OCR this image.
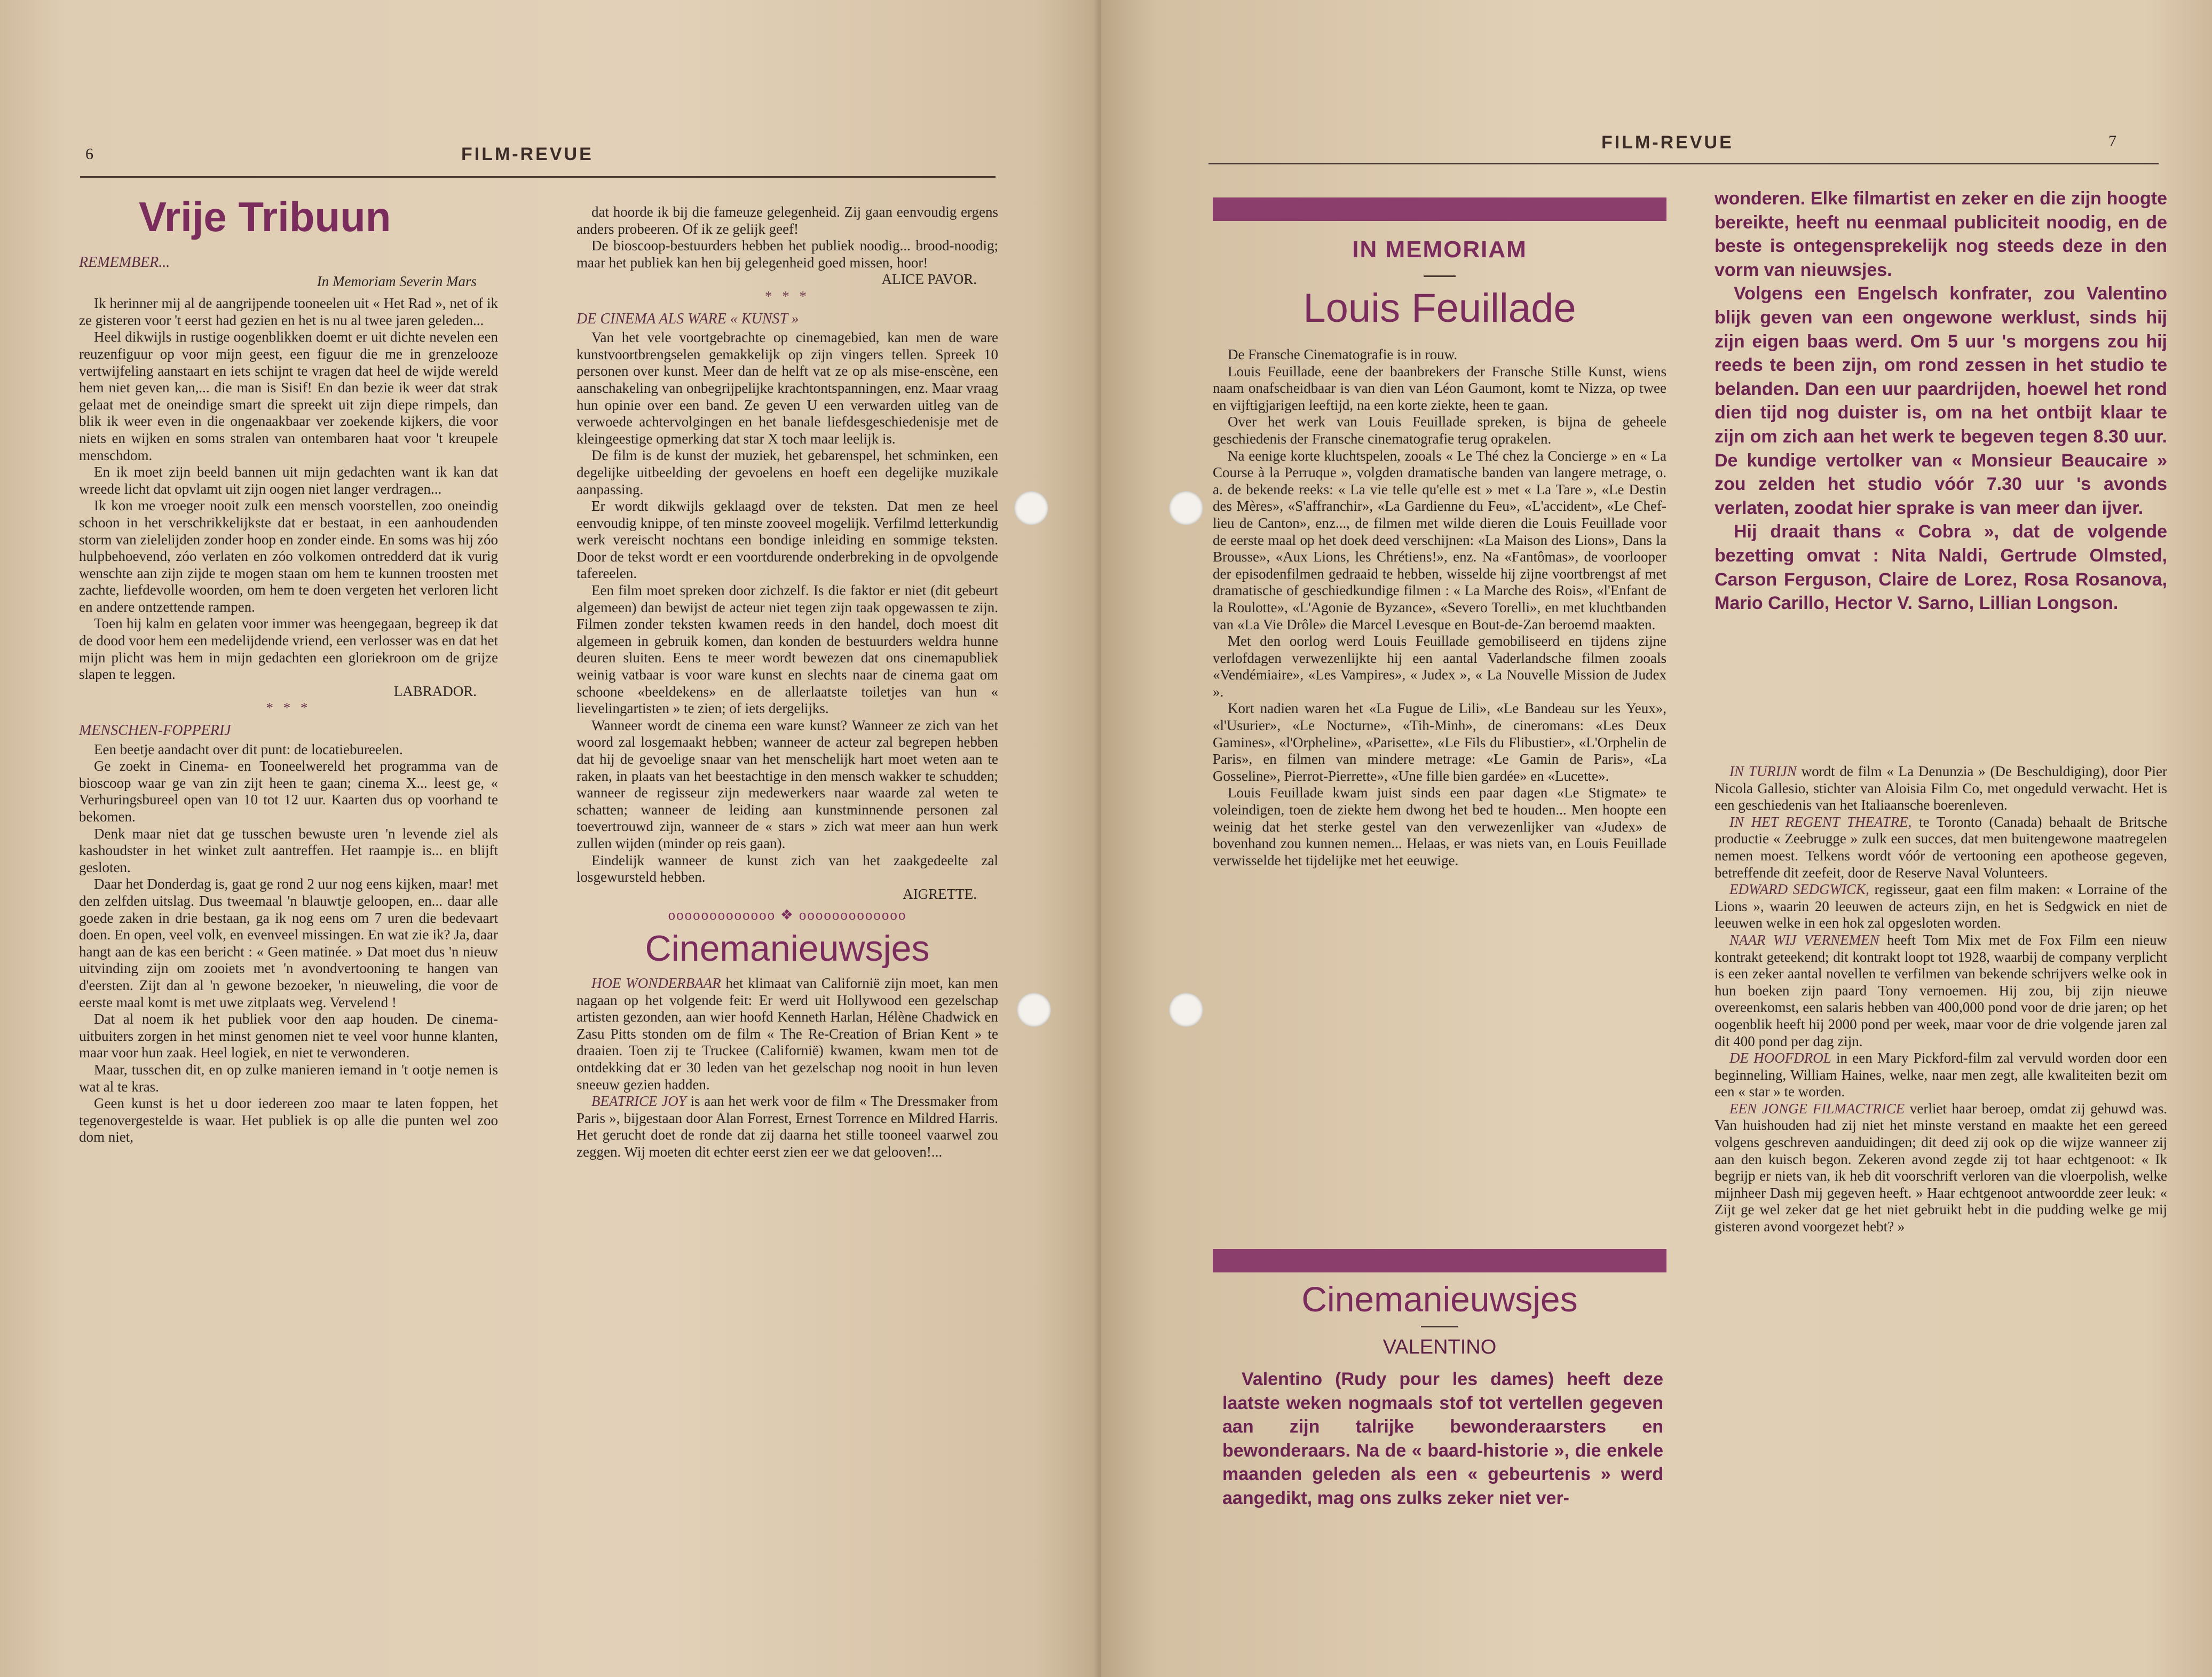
6	FILM-REVUE
Vrije Tribuun

REMEMBER...

In Memoriam Severin Mars

Ik herinner mij al de aangrijpende tooneelen uit « Het Rad », net of ik ze gisteren voor 't eerst had gezien en het is nu al twee jaren geleden...

Heel dikwijls in rustige oogenblikken doemt er uit dichte nevelen een reuzenfiguur op voor mijn geest, een figuur die me in grenzelooze vertwijfeling aanstaart en iets schijnt te vragen dat heel de wijde wereld hem niet geven kan,... die man is Sisif! En dan bezie ik weer dat strak gelaat met de oneindige smart die spreekt uit zijn diepe rimpels, dan blik ik weer even in die ongenaakbaar ver zoekende kijkers, die voor niets en wijken en soms stralen van ontembaren haat voor 't kreupele menschdom.

En ik moet zijn beeld bannen uit mijn gedachten want ik kan dat wreede licht dat opvlamt uit zijn oogen niet langer verdragen...

Ik kon me vroeger nooit zulk een mensch voorstellen, zoo oneindig schoon in het verschrikkelijkste dat er bestaat, in een aanhoudenden storm van zielelijden zonder hoop en zonder einde. En soms was hij zóo hulpbehoevend, zóo verlaten en zóo volkomen ontredderd dat ik vurig wenschte aan zijn zijde te mogen staan om hem te kunnen troosten met zachte, liefdevolle woorden, om hem te doen vergeten het verloren licht en andere ontzettende rampen.

Toen hij kalm en gelaten voor immer was heengegaan, begreep ik dat de dood voor hem een medelijdende vriend, een verlosser was en dat het mijn plicht was hem in mijn gedachten een gloriekroon om de grijze slapen te leggen.

LABRADOR.

* * *

MENSCHEN-FOPPERIJ

Een beetje aandacht over dit punt: de locatiebureelen.

Ge zoekt in Cinema- en Tooneelwereld het programma van de bioscoop waar ge van zin zijt heen te gaan; cinema X... leest ge, « Verhuringsbureel open van 10 tot 12 uur. Kaarten dus op voorhand te bekomen.

Denk maar niet dat ge tusschen bewuste uren 'n levende ziel als kashoudster in het winket zult aantreffen. Het raampje is... en blijft gesloten.

Daar het Donderdag is, gaat ge rond 2 uur nog eens kijken, maar! met den zelfden uitslag. Dus tweemaal 'n blauwtje geloopen, en... daar alle goede zaken in drie bestaan, ga ik nog eens om 7 uren die bedevaart doen. En open, veel volk, en evenveel missingen. En wat zie ik? Ja, daar hangt aan de kas een bericht : « Geen matinée. » Dat moet dus 'n nieuw uitvinding zijn om zooiets met 'n avondvertooning te hangen van d'eersten. Zijt dan al 'n gewone bezoeker, 'n nieuweling, die voor de eerste maal komt is met uwe zitplaats weg. Vervelend !

Dat al noem ik het publiek voor den aap houden. De cinema-uitbuiters zorgen in het minst genomen niet te veel voor hunne klanten, maar voor hun zaak. Heel logiek, en niet te verwonderen.

Maar, tusschen dit, en op zulke manieren iemand in 't ootje nemen is wat al te kras.

Geen kunst is het u door iedereen zoo maar te laten foppen, het tegenovergestelde is waar. Het publiek is op alle die punten wel zoo dom niet,

dat hoorde ik bij die fameuze gelegenheid. Zij gaan eenvoudig ergens anders probeeren. Of ik ze gelijk geef!

De bioscoop-bestuurders hebben het publiek noodig... brood-noodig; maar het publiek kan hen bij gelegenheid goed missen, hoor!

ALICE PAVOR.

* * *

DE CINEMA ALS WARE « KUNST »

Van het vele voortgebrachte op cinemagebied, kan men de ware kunstvoortbrengselen gemakkelijk op zijn vingers tellen. Spreek 10 personen over kunst. Meer dan de helft vat ze op als mise-enscène, een aanschakeling van onbegrijpelijke krachtontspanningen, enz. Maar vraag hun opinie over een band. Ze geven U een verwarden uitleg van de verwoede achtervolgingen en het banale liefdesgeschiedenisje met de kleingeestige opmerking dat star X toch maar leelijk is.

De film is de kunst der muziek, het gebarenspel, het schminken, een degelijke uitbeelding der gevoelens en hoeft een degelijke muzikale aanpassing.

Er wordt dikwijls geklaagd over de teksten. Dat men ze heel eenvoudig knippe, of ten minste zooveel mogelijk. Verfilmd letterkundig werk vereischt nochtans een bondige inleiding en sommige teksten. Door de tekst wordt er een voortdurende onderbreking in de opvolgende tafereelen.

Een film moet spreken door zichzelf. Is die faktor er niet (dit gebeurt algemeen) dan bewijst de acteur niet tegen zijn taak opgewassen te zijn. Filmen zonder teksten kwamen reeds in den handel, doch moest dit algemeen in gebruik komen, dan konden de bestuurders weldra hunne deuren sluiten. Eens te meer wordt bewezen dat ons cinemapubliek weinig vatbaar is voor ware kunst en slechts naar de cinema gaat om schoone «beeldekens» en de allerlaatste toiletjes van hun « lievelingartisten » te zien; of iets dergelijks.

Wanneer wordt de cinema een ware kunst? Wanneer ze zich van het woord zal losgemaakt hebben; wanneer de acteur zal begrepen hebben dat hij de gevoelige snaar van het menschelijk hart moet weten aan te raken, in plaats van het beestachtige in den mensch wakker te schudden; wanneer de regisseur zijn medewerkers naar waarde zal weten te schatten; wanneer de leiding aan kunstminnende personen zal toevertrouwd zijn, wanneer de « stars » zich wat meer aan hun werk zullen wijden (minder op reis gaan).

Eindelijk wanneer de kunst zich van het zaakgedeelte zal losgewursteld hebben.

AIGRETTE.

ooooooooooooo ❖ ooooooooooooo

Cinemanieuwsjes

HOE WONDERBAAR het klimaat van Californië zijn moet, kan men nagaan op het volgende feit: Er werd uit Hollywood een gezelschap artisten gezonden, aan wier hoofd Kenneth Harlan, Hélène Chadwick en Zasu Pitts stonden om de film « The Re-Creation of Brian Kent » te draaien. Toen zij te Truckee (Californië) kwamen, kwam men tot de ontdekking dat er 30 leden van het gezelschap nog nooit in hun leven sneeuw gezien hadden.

BEATRICE JOY is aan het werk voor de film « The Dressmaker from Paris », bijgestaan door Alan Forrest, Ernest Torrence en Mildred Harris. Het gerucht doet de ronde dat zij daarna het stille tooneel vaarwel zou zeggen. Wij moeten dit echter eerst zien eer we dat gelooven!...

FILM-REVUE	7
IN MEMORIAM
Louis Feuillade

De Fransche Cinematografie is in rouw.

Louis Feuillade, eene der baanbrekers der Fransche Stille Kunst, wiens naam onafscheidbaar is van dien van Léon Gaumont, komt te Nizza, op twee en vijftigjarigen leeftijd, na een korte ziekte, heen te gaan.

Over het werk van Louis Feuillade spreken, is bijna de geheele geschiedenis der Fransche cinematografie terug oprakelen.

Na eenige korte kluchtspelen, zooals « Le Thé chez la Concierge » en « La Course à la Perruque », volgden dramatische banden van langere metrage, o. a. de bekende reeks: « La vie telle qu'elle est » met « La Tare », «Le Destin des Mères», «S'affranchir», «La Gardienne du Feu», «L'accident», «Le Chef-lieu de Canton», enz..., de filmen met wilde dieren die Louis Feuillade voor de eerste maal op het doek deed verschijnen: «La Maison des Lions», Dans la Brousse», «Aux Lions, les Chrétiens!», enz. Na «Fantômas», de voorlooper der episodenfilmen gedraaid te hebben, wisselde hij zijne voortbrengst af met dramatische of geschiedkundige filmen : « La Marche des Rois», «l'Enfant de la Roulotte», «L'Agonie de Byzance», «Severo Torelli», en met kluchtbanden van «La Vie Drôle» die Marcel Levesque en Bout-de-Zan beroemd maakten.

Met den oorlog werd Louis Feuillade gemobiliseerd en tijdens zijne verlofdagen verwezenlijkte hij een aantal Vaderlandsche filmen zooals «Vendémiaire», «Les Vampires», « Judex », « La Nouvelle Mission de Judex ».

Kort nadien waren het «La Fugue de Lili», «Le Bandeau sur les Yeux», «l'Usurier», «Le Nocturne», «Tih-Minh», de cineromans: «Les Deux Gamines», «l'Orpheline», «Parisette», «Le Fils du Flibustier», «L'Orphelin de Paris», en filmen van mindere metrage: «Le Gamin de Paris», «La Gosseline», Pierrot-Pierrette», «Une fille bien gardée» en «Lucette».

Louis Feuillade kwam juist sinds een paar dagen «Le Stigmate» te voleindigen, toen de ziekte hem dwong het bed te houden... Men hoopte een weinig dat het sterke gestel van den verwezenlijker van «Judex» de bovenhand zou kunnen nemen... Helaas, er was niets van, en Louis Feuillade verwisselde het tijdelijke met het eeuwige.

Cinemanieuwsjes
VALENTINO

Valentino (Rudy pour les dames) heeft deze laatste weken nogmaals stof tot vertellen gegeven aan zijn talrijke bewonderaarsters en bewonderaars. Na de « baard-historie », die enkele maanden geleden als een « gebeurtenis » werd aangedikt, mag ons zulks zeker niet ver-

wonderen. Elke filmartist en zeker en die zijn hoogte bereikte, heeft nu eenmaal publiciteit noodig, en de beste is ontegensprekelijk nog steeds deze in den vorm van nieuwsjes.

Volgens een Engelsch konfrater, zou Valentino blijk geven van een ongewone werklust, sinds hij zijn eigen baas werd. Om 5 uur 's morgens zou hij reeds te been zijn, om rond zessen in het studio te belanden. Dan een uur paardrijden, hoewel het rond dien tijd nog duister is, om na het ontbijt klaar te zijn om zich aan het werk te begeven tegen 8.30 uur. De kundige vertolker van « Monsieur Beaucaire » zou zelden het studio vóór 7.30 uur 's avonds verlaten, zoodat hier sprake is van meer dan ijver.

Hij draait thans « Cobra », dat de volgende bezetting omvat : Nita Naldi, Gertrude Olmsted, Carson Ferguson, Claire de Lorez, Rosa Rosanova, Mario Carillo, Hector V. Sarno, Lillian Longson.

IN TURIJN wordt de film « La Denunzia » (De Beschuldiging), door Pier Nicola Gallesio, stichter van Aloisia Film Co, met ongeduld verwacht. Het is een geschiedenis van het Italiaansche boerenleven.

IN HET REGENT THEATRE, te Toronto (Canada) behaalt de Britsche productie « Zeebrugge » zulk een succes, dat men buitengewone maatregelen nemen moest. Telkens wordt vóór de vertooning een apotheose gegeven, betreffende dit zeefeit, door de Reserve Naval Volunteers.

EDWARD SEDGWICK, regisseur, gaat een film maken: « Lorraine of the Lions », waarin 20 leeuwen de acteurs zijn, en het is Sedgwick en niet de leeuwen welke in een hok zal opgesloten worden.

NAAR WIJ VERNEMEN heeft Tom Mix met de Fox Film een nieuw kontrakt geteekend; dit kontrakt loopt tot 1928, waarbij de company verplicht is een zeker aantal novellen te verfilmen van bekende schrijvers welke ook in hun boeken zijn paard Tony vernoemen. Hij zou, bij zijn nieuwe overeenkomst, een salaris hebben van 400,000 pond voor de drie jaren; op het oogenblik heeft hij 2000 pond per week, maar voor de drie volgende jaren zal dit 400 pond per dag zijn.

DE HOOFDROL in een Mary Pickford-film zal vervuld worden door een beginneling, William Haines, welke, naar men zegt, alle kwaliteiten bezit om een « star » te worden.

EEN JONGE FILMACTRICE verliet haar beroep, omdat zij gehuwd was. Van huishouden had zij niet het minste verstand en maakte het een gereed volgens geschreven aanduidingen; dit deed zij ook op die wijze wanneer zij aan den kuisch begon. Zekeren avond zegde zij tot haar echtgenoot: « Ik begrijp er niets van, ik heb dit voorschrift verloren van die vloerpolish, welke mijnheer Dash mij gegeven heeft. » Haar echtgenoot antwoordde zeer leuk: « Zijt ge wel zeker dat ge het niet gebruikt hebt in die pudding welke ge mij gisteren avond voorgezet hebt? »
